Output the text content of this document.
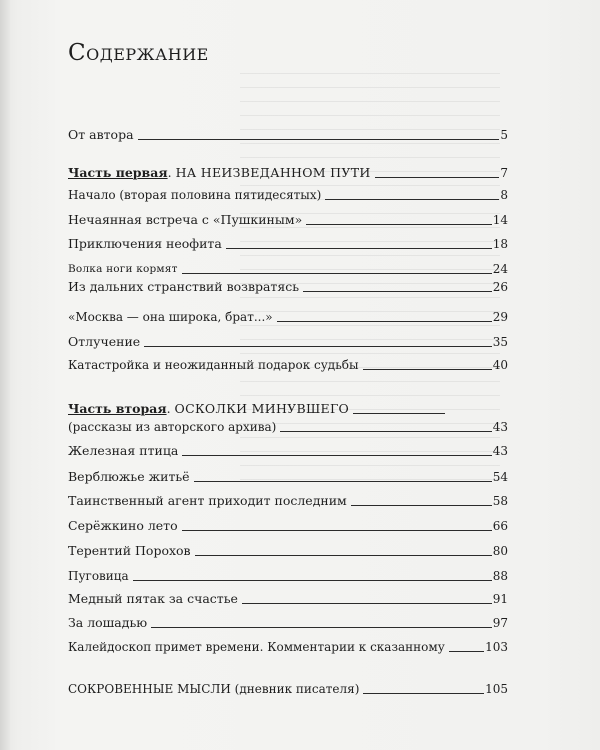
Содержание
От автора	5
Часть первая. НА НЕИЗВЕДАННОМ ПУТИ	7
Начало (вторая половина пятидесятых)	8
Нечаянная встреча с «Пушкиным»	14
Приключения неофита	18
Волка ноги кормят	24
Из дальних странствий возвратясь	26
«Москва — она широка, брат...»	29
Отлучение	35
Катастройка и неожиданный подарок судьбы	40
Часть вторая. ОСКОЛКИ МИНУВШЕГО
(рассказы из авторского архива)	43
Железная птица	43
Верблюжье житьё	54
Таинственный агент приходит последним	58
Серёжкино лето	66
Терентий Порохов	80
Пуговица	88
Медный пятак за счастье	91
За лошадью	97
Калейдоскоп примет времени. Комментарии к сказанному	103
СОКРОВЕННЫЕ МЫСЛИ (дневник писателя)	105
